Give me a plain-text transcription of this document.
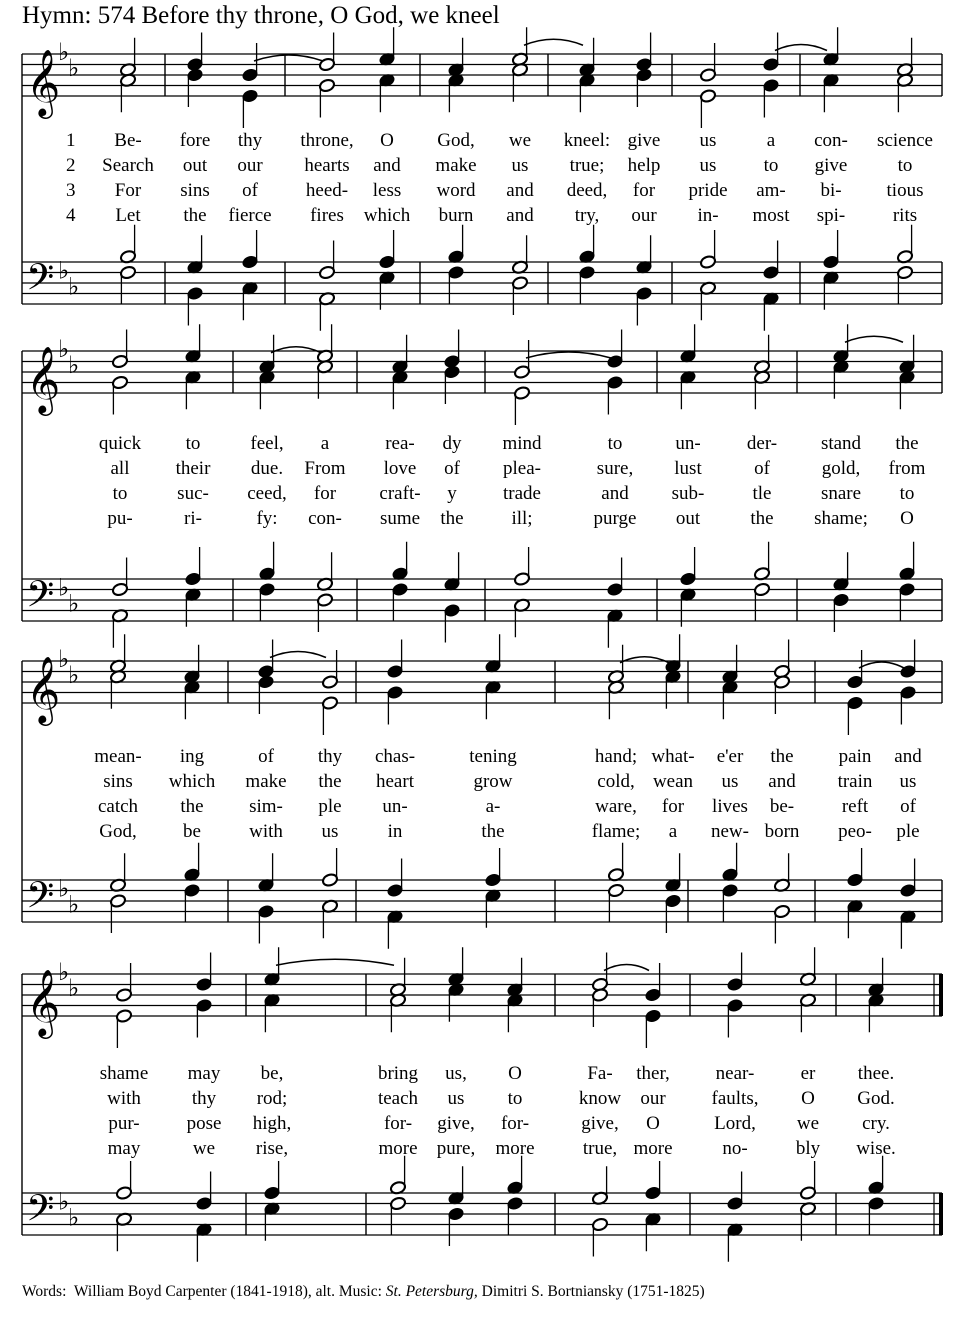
Hymn: 574 Before thy throne, O God, we kneel
𝄞
𝄢
♭
♭
♭
♭
1 Be- fore thy throne, O God, we kneel: give us	a con- science
2 Search out our hearts and make us true; help us to give	to
3 For sins of	heed- less word and deed, for pride am- bi- tious
4 Let the fierce fires which burn and try, our in- most spi-	rits
𝄞
𝄢
♭
♭
♭
♭
quick to	feel, a	rea- dy mind	to	un- der- stand the
all their due. From love of plea-	sure, lust	of	gold, from
to	suc- ceed, for craft- y trade	and sub-	tle	snare to
pu-	ri-	fy: con- sume the	ill;	purge out	the shame; O
𝄞
𝄢
♭
♭
♭
♭
mean- ing	of thy chas-	tening	hand; what- e'er the pain and
sins which make the heart	grow	cold, wean us and train us
catch the sim- ple un-	a-	ware, for lives be-	reft of
God, be	with us	in	the	flame; a new- born peo- ple
𝄞
𝄢
♭
♭
♭
♭
shame may be,	bring us, O	Fa- ther, near- er thee.
with	thy rod;	teach us to	know our faults, O God.
pur- pose high,	for- give, for-	give, O	Lord, we cry.
may	we rise,	more pure, more	true, more	no-	bly wise.
Words: William Boyd Carpenter (1841-1918), alt. Music: St. Petersburg, Dimitri S. Bortniansky (1751-1825)
